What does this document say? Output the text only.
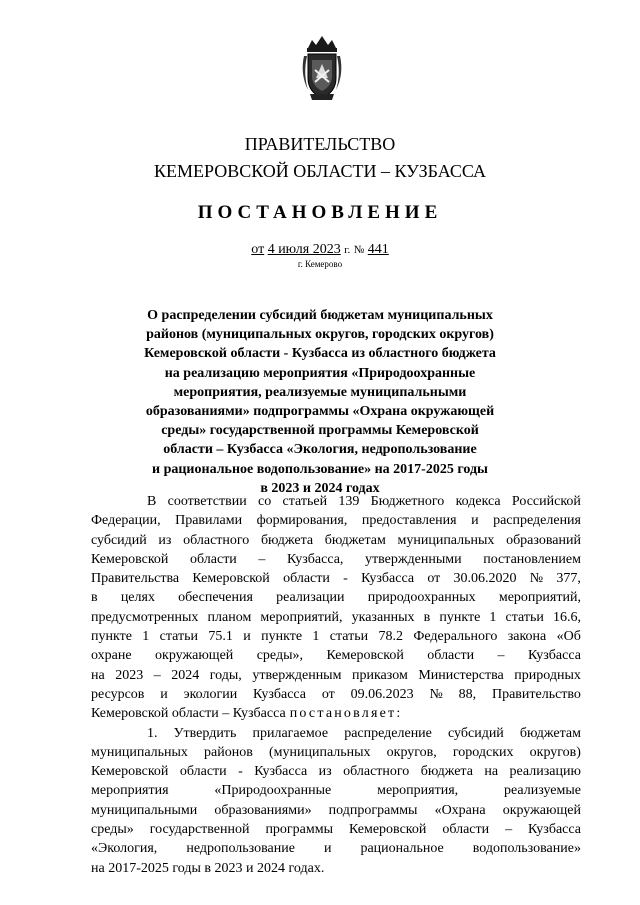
ПРАВИТЕЛЬСТВО
КЕМЕРОВСКОЙ ОБЛАСТИ – КУЗБАССА
ПОСТАНОВЛЕНИЕ
от 4 июля 2023 г. № 441
г. Кемерово
О распределении субсидий бюджетам муниципальных
районов (муниципальных округов, городских округов)
Кемеровской области - Кузбасса из областного бюджета
на реализацию мероприятия «Природоохранные
мероприятия, реализуемые муниципальными
образованиями» подпрограммы «Охрана окружающей
среды» государственной программы Кемеровской
области – Кузбасса «Экология, недропользование
и рациональное водопользование» на 2017-2025 годы
в 2023 и 2024 годах
В соответствии со статьей 139 Бюджетного кодекса Российской
Федерации, Правилами формирования, предоставления и распределения
субсидий из областного бюджета бюджетам муниципальных образований
Кемеровской области – Кузбасса, утвержденными постановлением
Правительства Кемеровской области - Кузбасса от 30.06.2020 № 377,
в целях обеспечения реализации природоохранных мероприятий,
предусмотренных планом мероприятий, указанных в пункте 1 статьи 16.6,
пункте 1 статьи 75.1 и пункте 1 статьи 78.2 Федерального закона «Об
охране окружающей среды», Кемеровской области – Кузбасса
на 2023 – 2024 годы, утвержденным приказом Министерства природных
ресурсов и экологии Кузбасса от 09.06.2023 № 88, Правительство
Кемеровской области – Кузбасса постановляет:
1. Утвердить прилагаемое распределение субсидий бюджетам
муниципальных районов (муниципальных округов, городских округов)
Кемеровской области - Кузбасса из областного бюджета на реализацию
мероприятия	«Природоохранные	мероприятия,	реализуемые
муниципальными образованиями» подпрограммы «Охрана окружающей
среды» государственной программы Кемеровской области – Кузбасса
«Экология, недропользование и рациональное водопользование»
на 2017-2025 годы в 2023 и 2024 годах.
